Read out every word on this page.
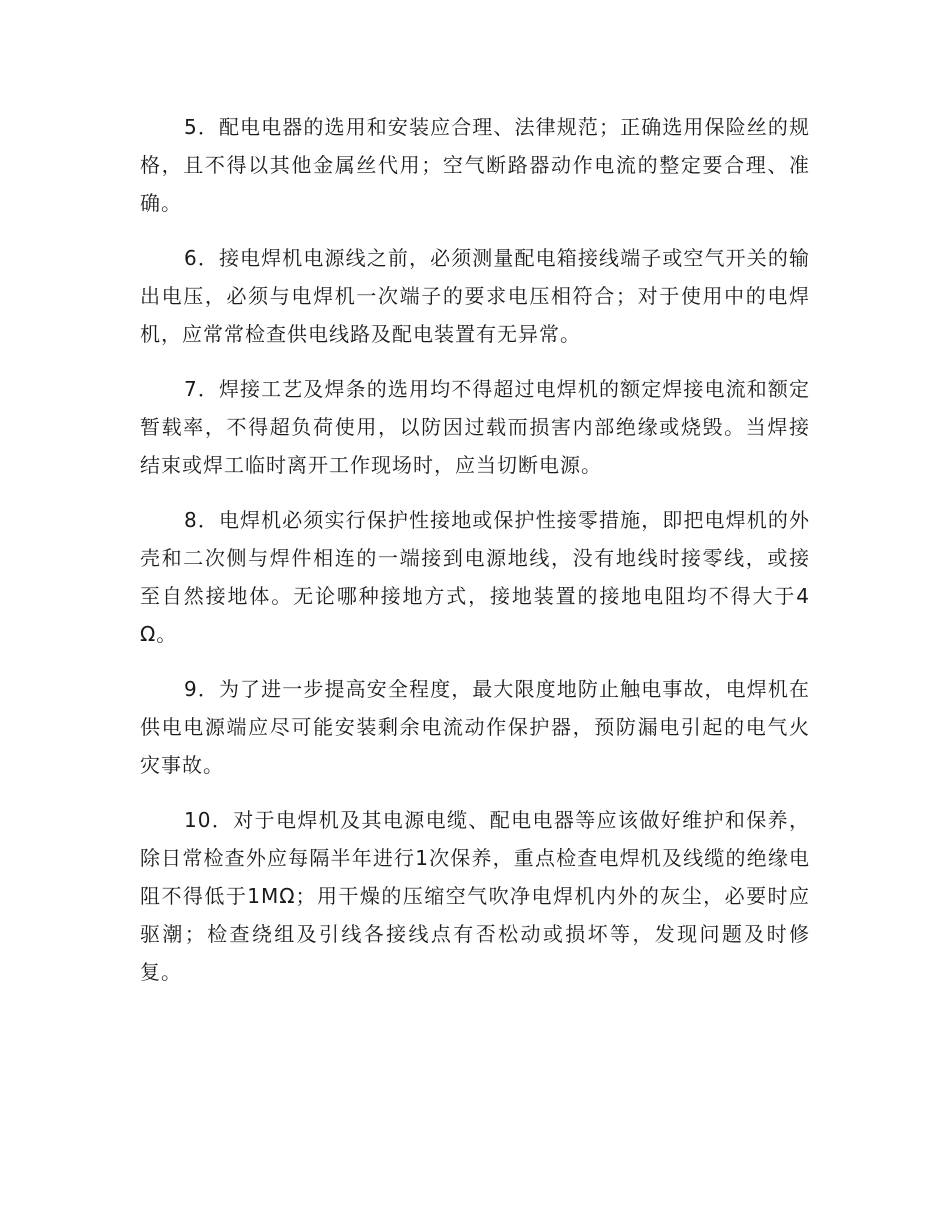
5．配电电器的选用和安装应合理、法律规范；正确选用保险丝的规格，且不得以其他金属丝代用；空气断路器动作电流的整定要合理、准确。

6．接电焊机电源线之前，必须测量配电箱接线端子或空气开关的输出电压，必须与电焊机一次端子的要求电压相符合；对于使用中的电焊机，应常常检查供电线路及配电装置有无异常。

7．焊接工艺及焊条的选用均不得超过电焊机的额定焊接电流和额定暂载率，不得超负荷使用，以防因过载而损害内部绝缘或烧毁。当焊接结束或焊工临时离开工作现场时，应当切断电源。

8．电焊机必须实行保护性接地或保护性接零措施，即把电焊机的外壳和二次侧与焊件相连的一端接到电源地线，没有地线时接零线，或接至自然接地体。无论哪种接地方式，接地装置的接地电阻均不得大于4Ω。

9．为了进一步提高安全程度，最大限度地防止触电事故，电焊机在供电电源端应尽可能安装剩余电流动作保护器，预防漏电引起的电气火灾事故。

10．对于电焊机及其电源电缆、配电电器等应该做好维护和保养，除日常检查外应每隔半年进行1次保养，重点检查电焊机及线缆的绝缘电阻不得低于1MΩ；用干燥的压缩空气吹净电焊机内外的灰尘，必要时应驱潮；检查绕组及引线各接线点有否松动或损坏等，发现问题及时修复。
